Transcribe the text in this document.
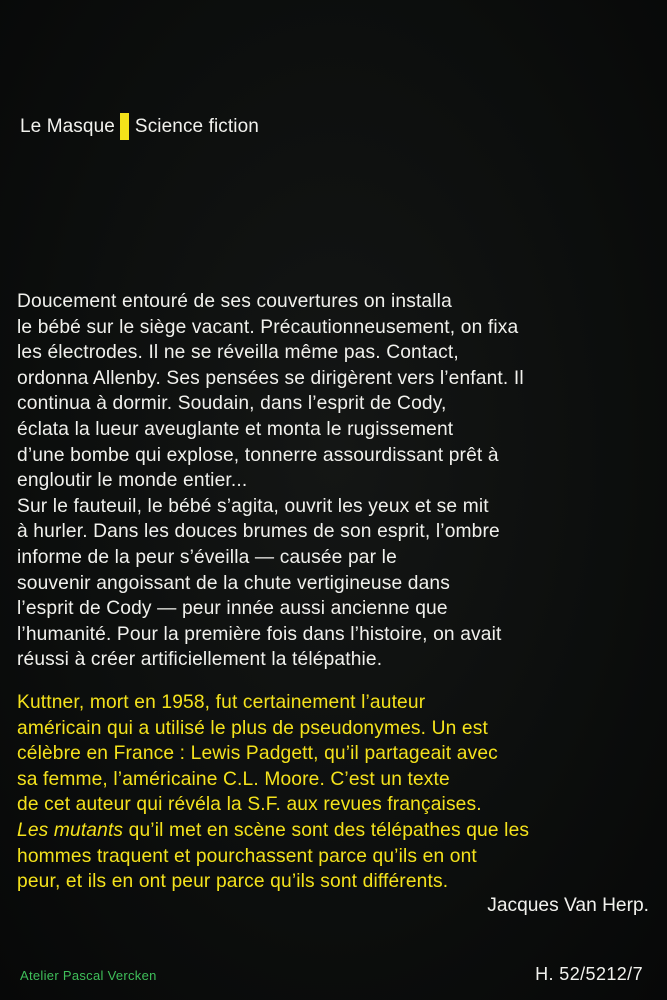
Le Masque Science fiction
Doucement entouré de ses couvertures on installa
le bébé sur le siège vacant. Précautionneusement, on fixa
les électrodes. Il ne se réveilla même pas. Contact,
ordonna Allenby. Ses pensées se dirigèrent vers l’enfant. Il
continua à dormir. Soudain, dans l’esprit de Cody,
éclata la lueur aveuglante et monta le rugissement
d’une bombe qui explose, tonnerre assourdissant prêt à
engloutir le monde entier...
Sur le fauteuil, le bébé s’agita, ouvrit les yeux et se mit
à hurler. Dans les douces brumes de son esprit, l’ombre
informe de la peur s’éveilla — causée par le
souvenir angoissant de la chute vertigineuse dans
l’esprit de Cody — peur innée aussi ancienne que
l’humanité. Pour la première fois dans l’histoire, on avait
réussi à créer artificiellement la télépathie.
Kuttner, mort en 1958, fut certainement l’auteur
américain qui a utilisé le plus de pseudonymes. Un est
célèbre en France : Lewis Padgett, qu’il partageait avec
sa femme, l’américaine C.L. Moore. C’est un texte
de cet auteur qui révéla la S.F. aux revues françaises.
Les mutants qu’il met en scène sont des télépathes que les
hommes traquent et pourchassent parce qu’ils en ont
peur, et ils en ont peur parce qu’ils sont différents.
Jacques Van Herp.
Atelier Pascal Vercken	H. 52/5212/7
